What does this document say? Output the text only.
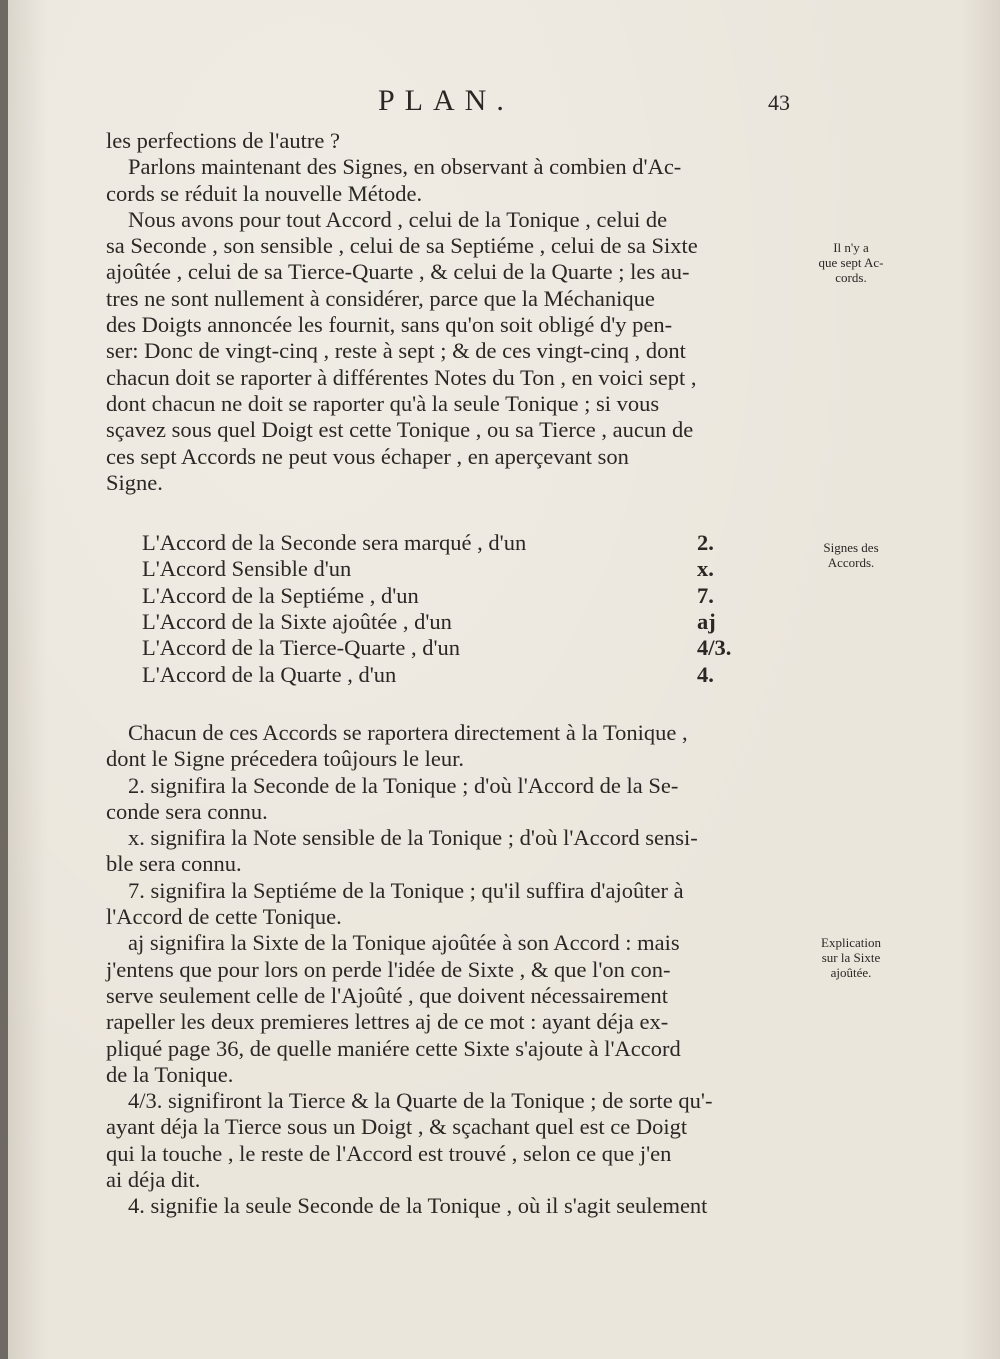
PLAN.	43

les perfections de l'autre ?
Parlons maintenant des Signes, en observant à combien d'Ac-
cords se réduit la nouvelle Métode.

Nous avons pour tout Accord , celui de la Tonique , celui de
sa Seconde , son sensible , celui de sa Septiéme , celui de sa Sixte
ajoûtée , celui de sa Tierce-Quarte , & celui de la Quarte ; les au-
tres ne sont nullement à considérer, parce que la Méchanique
des Doigts annoncée les fournit, sans qu'on soit obligé d'y pen-
ser: Donc de vingt-cinq , reste à sept ; & de ces vingt-cinq , dont
chacun doit se raporter à différentes Notes du Ton , en voici sept ,
dont chacun ne doit se raporter qu'à la seule Tonique ; si vous
sçavez sous quel Doigt est cette Tonique , ou sa Tierce , aucun de
ces sept Accords ne peut vous échaper , en aperçevant son
Signe.

L'Accord de la Seconde sera marqué , d'un	2.
L'Accord Sensible d'un	x.
L'Accord de la Septiéme , d'un	7.
L'Accord de la Sixte ajoûtée , d'un	aj
L'Accord de la Tierce-Quarte , d'un	4/3.
L'Accord de la Quarte , d'un	4.

Chacun de ces Accords se raportera directement à la Tonique ,
dont le Signe précedera toûjours le leur.

2. signifira la Seconde de la Tonique ; d'où l'Accord de la Se-
conde sera connu.

x. signifira la Note sensible de la Tonique ; d'où l'Accord sensi-
ble sera connu.

7. signifira la Septiéme de la Tonique ; qu'il suffira d'ajoûter à
l'Accord de cette Tonique.

aj signifira la Sixte de la Tonique ajoûtée à son Accord : mais
j'entens que pour lors on perde l'idée de Sixte , & que l'on con-
serve seulement celle de l'Ajoûté , que doivent nécessairement
rapeller les deux premieres lettres aj de ce mot : ayant déja ex-
pliqué page 36, de quelle maniére cette Sixte s'ajoute à l'Accord
de la Tonique.

4/3. signifiront la Tierce & la Quarte de la Tonique ; de sorte qu'-
ayant déja la Tierce sous un Doigt , & sçachant quel est ce Doigt
qui la touche , le reste de l'Accord est trouvé , selon ce que j'en
ai déja dit.

4. signifie la seule Seconde de la Tonique , où il s'agit seulement

Il n'y a
que sept Ac-
cords.
Signes des
Accords.
Explication
sur la Sixte
ajoûtée.
